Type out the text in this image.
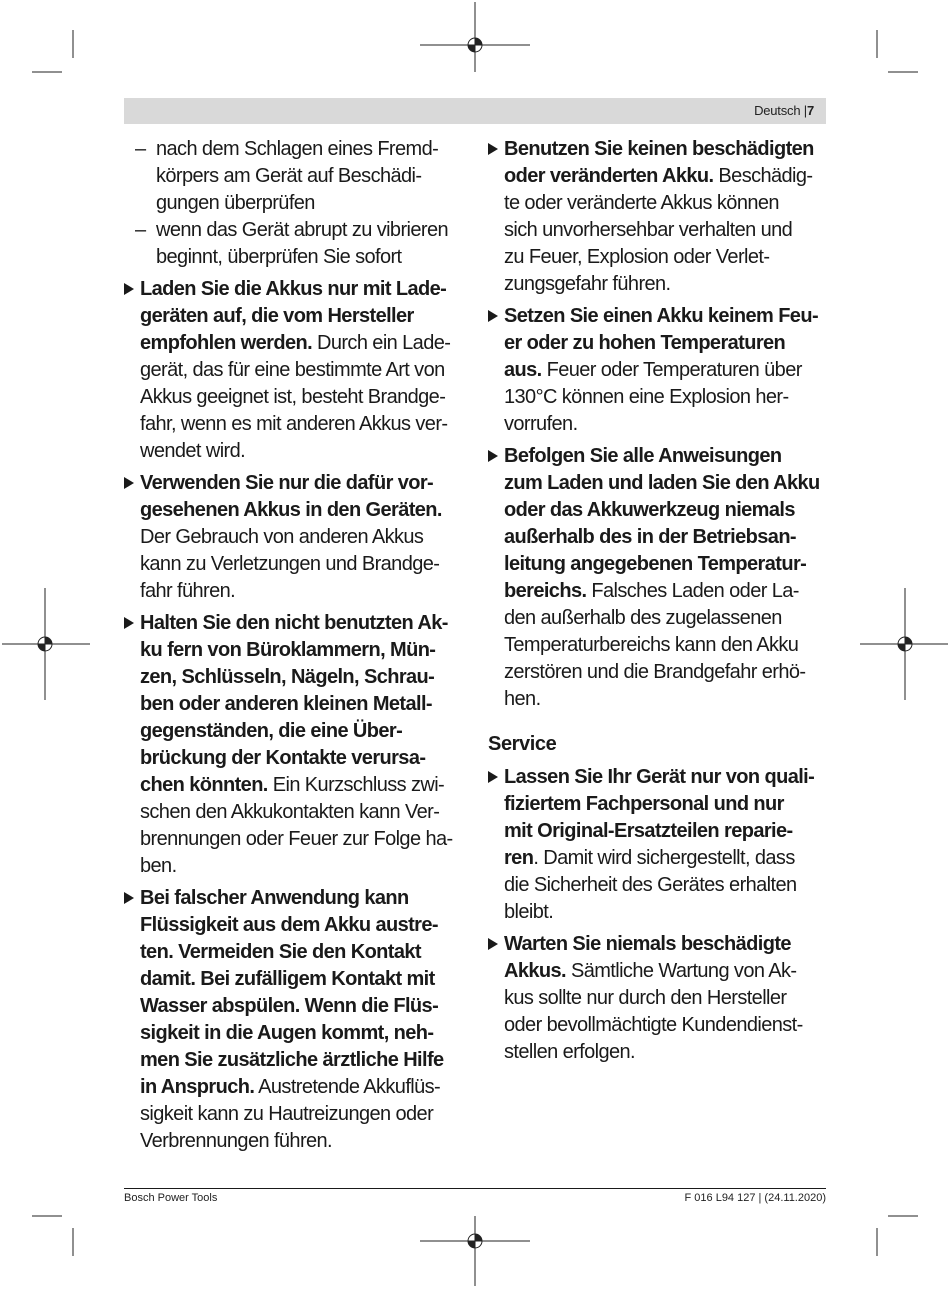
Deutsch |7
– nach dem Schlagen eines Fremd-
körpers am Gerät auf Beschädi-
gungen überprüfen
– wenn das Gerät abrupt zu vibrieren
beginnt, überprüfen Sie sofort
Laden Sie die Akkus nur mit Lade-
geräten auf, die vom Hersteller
empfohlen werden. Durch ein Lade-
gerät, das für eine bestimmte Art von
Akkus geeignet ist, besteht Brandge-
fahr, wenn es mit anderen Akkus ver-
wendet wird.
Verwenden Sie nur die dafür vor-
gesehenen Akkus in den Geräten.
Der Gebrauch von anderen Akkus
kann zu Verletzungen und Brandge-
fahr führen.
Halten Sie den nicht benutzten Ak-
ku fern von Büroklammern, Mün-
zen, Schlüsseln, Nägeln, Schrau-
ben oder anderen kleinen Metall-
gegenständen, die eine Über-
brückung der Kontakte verursa-
chen könnten. Ein Kurzschluss zwi-
schen den Akkukontakten kann Ver-
brennungen oder Feuer zur Folge ha-
ben.
Bei falscher Anwendung kann
Flüssigkeit aus dem Akku austre-
ten. Vermeiden Sie den Kontakt
damit. Bei zufälligem Kontakt mit
Wasser abspülen. Wenn die Flüs-
sigkeit in die Augen kommt, neh-
men Sie zusätzliche ärztliche Hilfe
in Anspruch. Austretende Akkuflüs-
sigkeit kann zu Hautreizungen oder
Verbrennungen führen.
Benutzen Sie keinen beschädigten
oder veränderten Akku. Beschädig-
te oder veränderte Akkus können
sich unvorhersehbar verhalten und
zu Feuer, Explosion oder Verlet-
zungsgefahr führen.
Setzen Sie einen Akku keinem Feu-
er oder zu hohen Temperaturen
aus. Feuer oder Temperaturen über
130°C können eine Explosion her-
vorrufen.
Befolgen Sie alle Anweisungen
zum Laden und laden Sie den Akku
oder das Akkuwerkzeug niemals
außerhalb des in der Betriebsan-
leitung angegebenen Temperatur-
bereichs. Falsches Laden oder La-
den außerhalb des zugelassenen
Temperaturbereichs kann den Akku
zerstören und die Brandgefahr erhö-
hen.
Service
Lassen Sie Ihr Gerät nur von quali-
fiziertem Fachpersonal und nur
mit Original-Ersatzteilen reparie-
ren. Damit wird sichergestellt, dass
die Sicherheit des Gerätes erhalten
bleibt.
Warten Sie niemals beschädigte
Akkus. Sämtliche Wartung von Ak-
kus sollte nur durch den Hersteller
oder bevollmächtigte Kundendienst-
stellen erfolgen.
Bosch Power Tools	F 016 L94 127 | (24.11.2020)
